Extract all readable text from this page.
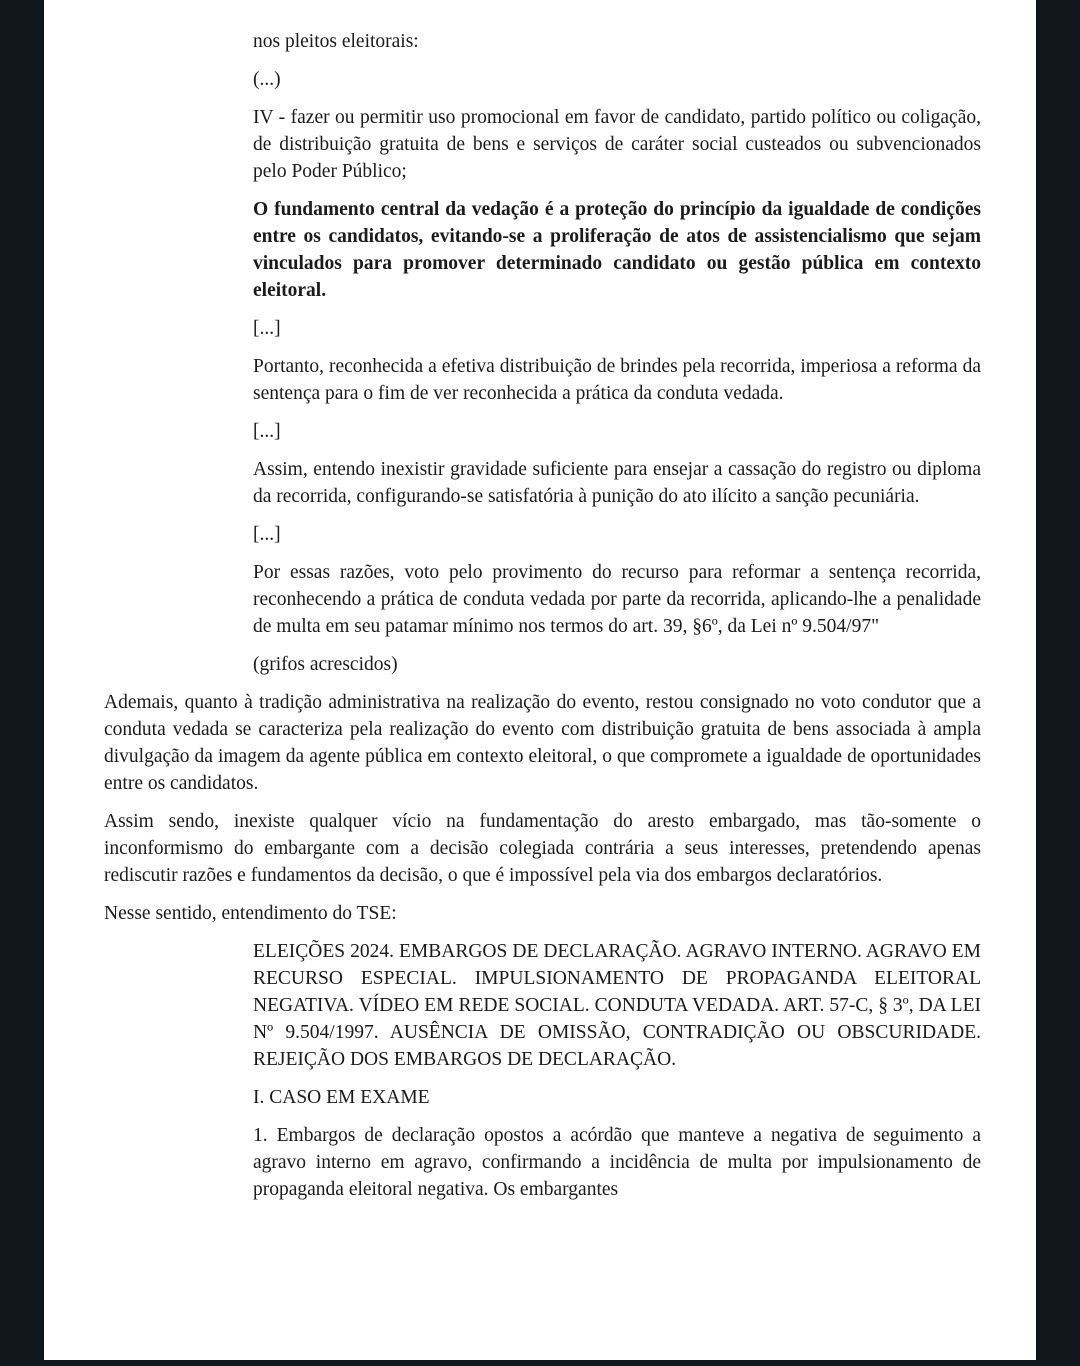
nos pleitos eleitorais:

(...)

IV - fazer ou permitir uso promocional em favor de candidato, partido político ou coligação, de distribuição gratuita de bens e serviços de caráter social custeados ou subvencionados pelo Poder Público;

O fundamento central da vedação é a proteção do princípio da igualdade de condições entre os candidatos, evitando-se a proliferação de atos de assistencialismo que sejam vinculados para promover determinado candidato ou gestão pública em contexto eleitoral.

[...]

Portanto, reconhecida a efetiva distribuição de brindes pela recorrida, imperiosa a reforma da sentença para o fim de ver reconhecida a prática da conduta vedada.

[...]

Assim, entendo inexistir gravidade suficiente para ensejar a cassação do registro ou diploma da recorrida, configurando-se satisfatória à punição do ato ilícito a sanção pecuniária.

[...]

Por essas razões, voto pelo provimento do recurso para reformar a sentença recorrida, reconhecendo a prática de conduta vedada por parte da recorrida, aplicando-lhe a penalidade de multa em seu patamar mínimo nos termos do art. 39, §6º, da Lei nº 9.504/97"

(grifos acrescidos)

Ademais, quanto à tradição administrativa na realização do evento, restou consignado no voto condutor que a conduta vedada se caracteriza pela realização do evento com distribuição gratuita de bens associada à ampla divulgação da imagem da agente pública em contexto eleitoral, o que compromete a igualdade de oportunidades entre os candidatos.

Assim sendo, inexiste qualquer vício na fundamentação do aresto embargado, mas tão-somente o inconformismo do embargante com a decisão colegiada contrária a seus interesses, pretendendo apenas rediscutir razões e fundamentos da decisão, o que é impossível pela via dos embargos declaratórios.

Nesse sentido, entendimento do TSE:

ELEIÇÕES 2024. EMBARGOS DE DECLARAÇÃO. AGRAVO INTERNO. AGRAVO EM RECURSO ESPECIAL. IMPULSIONAMENTO DE PROPAGANDA ELEITORAL NEGATIVA. VÍDEO EM REDE SOCIAL. CONDUTA VEDADA. ART. 57-C, § 3º, DA LEI Nº 9.504/1997. AUSÊNCIA DE OMISSÃO, CONTRADIÇÃO OU OBSCURIDADE. REJEIÇÃO DOS EMBARGOS DE DECLARAÇÃO.

I. CASO EM EXAME

1. Embargos de declaração opostos a acórdão que manteve a negativa de seguimento a agravo interno em agravo, confirmando a incidência de multa por impulsionamento de propaganda eleitoral negativa. Os embargantes
